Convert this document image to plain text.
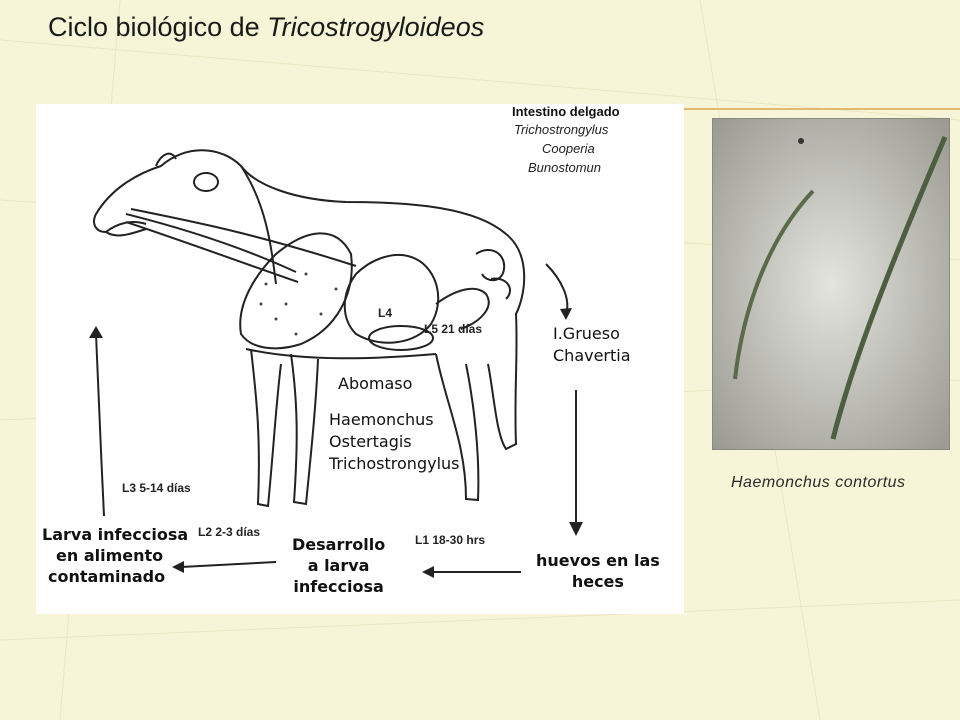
Ciclo biológico de Tricostrogyloideos
Intestino delgado
Trichostrongylus
Cooperia
Bunostomun
I.Grueso
Chavertia
Abomaso
Haemonchus
Ostertagis
Trichostrongylus
L4
L5 21 días
L3 5-14 días
L2 2-3 días
L1 18-30 hrs
Larva infecciosa
en alimento
contaminado
Desarrollo
a larva
infecciosa
huevos en las
heces
Haemonchus contortus
